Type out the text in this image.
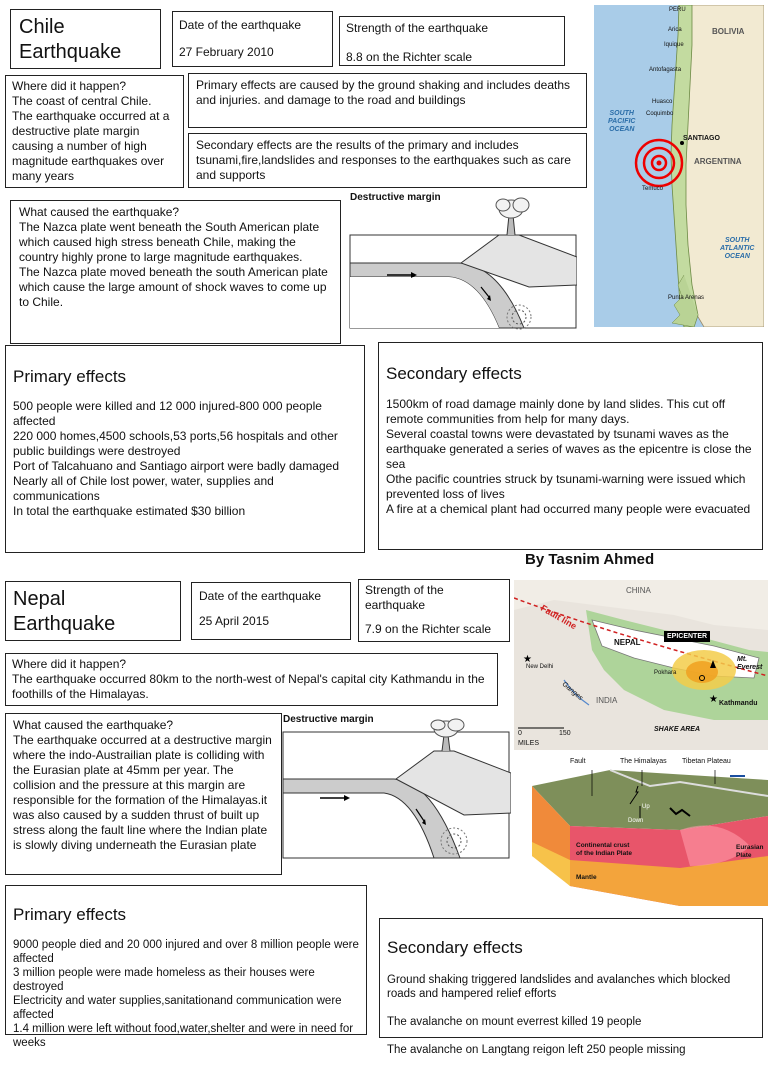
Chile
Earthquake
Date of the earthquake
27 February 2010
Strength of the earthquake
8.8 on the Richter scale
Where did it happen?
The coast of central Chile.
The earthquake occurred at a destructive plate margin causing a number of high magnitude earthquakes over many years
Primary effects are caused by the ground shaking and includes deaths and injuries. and damage to the road and buildings
Secondary effects are the results of the primary and includes tsunami,fire,landslides and responses to the earthquakes such as care and supports
What caused the earthquake?
The Nazca plate went beneath the South American plate which caused high stress beneath Chile, making the country highly prone to large magnitude earthquakes.
The Nazca plate moved beneath the south American plate which cause the large amount of shock waves to come up to Chile.
Destructive margin
PERU
BOLIVIA
Arica
Iquique
Antofagasta
Huasco
Coquimbo
SOUTH
PACIFIC
OCEAN
SANTIAGO
ARGENTINA
Temuco
SOUTH
ATLANTIC
OCEAN
Punta Arenas

Primary effects

500 people were killed and 12 000 injured-800 000 people affected
220 000 homes,4500 schools,53 ports,56 hospitals and other public buildings were destroyed
Port of Talcahuano and Santiago airport were badly damaged
Nearly all of Chile lost power, water, supplies and communications
In total the earthquake estimated $30 billion

Secondary effects

1500km of road damage mainly done by land slides. This cut off remote communities from help for many days.
Several coastal towns were devastated by tsunami waves as the earthquake generated a series of waves as the epicentre is close the sea
Othe pacific countries struck by tsunami-warning were issued which prevented loss of lives
A fire at a chemical plant had occurred many people were evacuated

By Tasnim Ahmed
Nepal
Earthquake
Date of the earthquake
25 April 2015
Strength of the
earthquake
7.9 on the Richter scale
★
★
CHINA
Fault line
NEPAL
EPICENTER
Mt.
Everest
New Delhi
Pokhara
Kathmandu
INDIA
Ganges
SHAKE AREA
0	150
MILES
Where did it happen?
The earthquake occurred 80km to the north-west of Nepal's capital city Kathmandu in the foothills of the Himalayas.
What caused the earthquake?
The earthquake occurred at a destructive margin where the indo-Austrailian plate is colliding with the Eurasian plate at 45mm per year. The collision and the pressure at this margin are responsible for the formation of the Himalayas.it was also caused by a sudden thrust of built up stress along the fault line where the Indian plate is slowly diving underneath the Eurasian plate
Destructive margin
Fault	The Himalayas Tibetan Plateau
Up
Down
Continental crust
of the Indian Plate
Eurasian
Plate
Mantle

Primary effects

9000 people died and 20 000 injured and over 8 million people were affected
3 million people were made homeless as their houses were destroyed
Electricity and water supplies,sanitationand communication were affected
1.4 million were left without food,water,shelter and were in need for weeks

Secondary effects

Ground shaking triggered landslides and avalanches which blocked roads and hampered relief efforts

The avalanche on mount everrest killed 19 people

The avalanche on Langtang reigon left 250 people missing
